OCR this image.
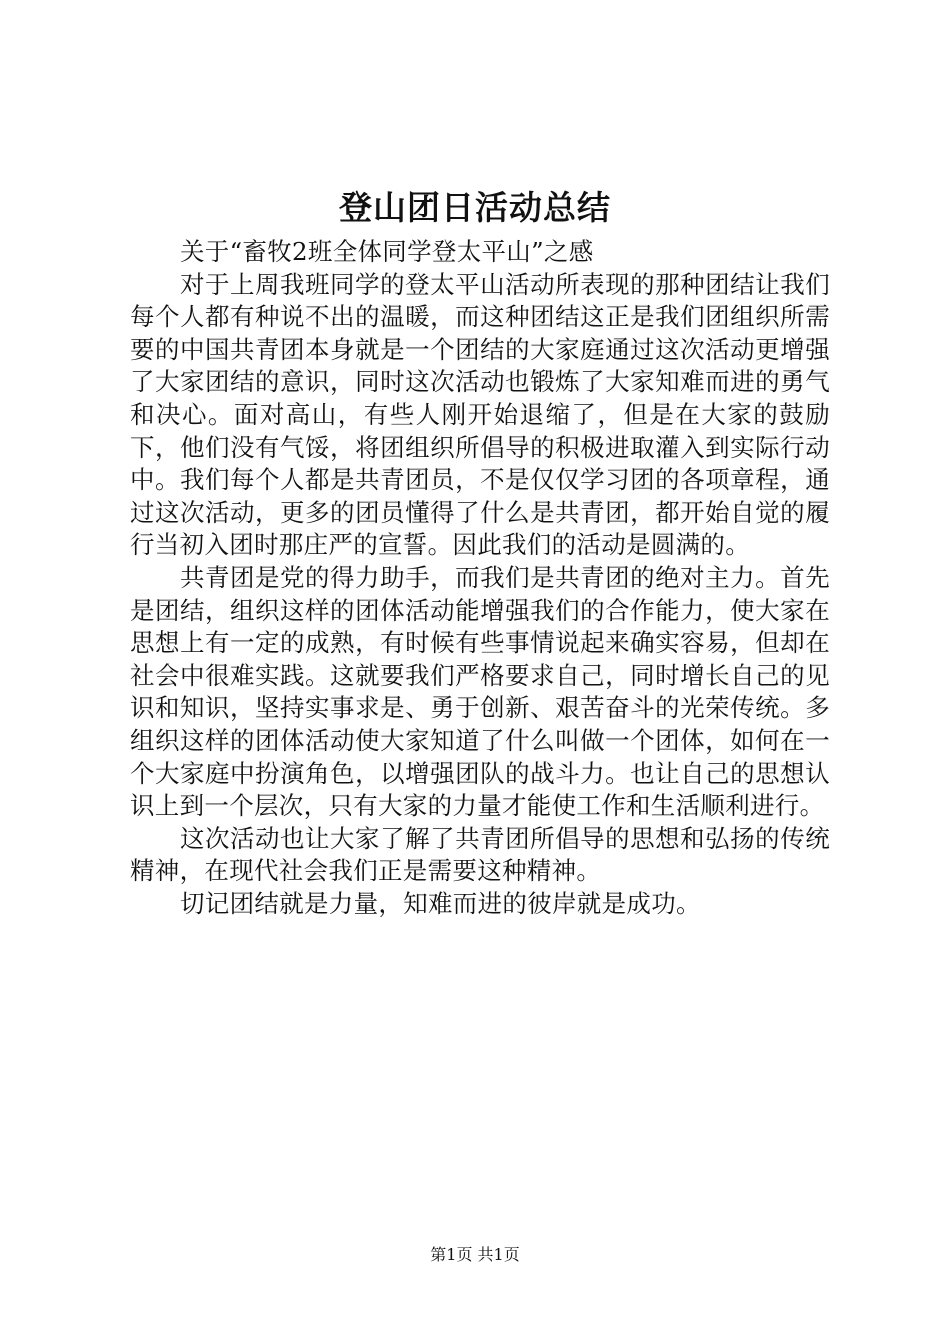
登山团日活动总结

关于“畜牧2班全体同学登太平山”之感

对于上周我班同学的登太平山活动所表现的那种团结让我们每个人都有种说不出的温暖，而这种团结这正是我们团组织所需要的中国共青团本身就是一个团结的大家庭通过这次活动更增强了大家团结的意识，同时这次活动也锻炼了大家知难而进的勇气和决心。面对高山，有些人刚开始退缩了，但是在大家的鼓励下，他们没有气馁，将团组织所倡导的积极进取灌入到实际行动中。我们每个人都是共青团员，不是仅仅学习团的各项章程，通过这次活动，更多的团员懂得了什么是共青团，都开始自觉的履行当初入团时那庄严的宣誓。因此我们的活动是圆满的。

共青团是党的得力助手，而我们是共青团的绝对主力。首先是团结，组织这样的团体活动能增强我们的合作能力，使大家在思想上有一定的成熟，有时候有些事情说起来确实容易，但却在社会中很难实践。这就要我们严格要求自己，同时增长自己的见识和知识，坚持实事求是、勇于创新、艰苦奋斗的光荣传统。多组织这样的团体活动使大家知道了什么叫做一个团体，如何在一个大家庭中扮演角色，以增强团队的战斗力。也让自己的思想认识上到一个层次，只有大家的力量才能使工作和生活顺利进行。

这次活动也让大家了解了共青团所倡导的思想和弘扬的传统精神，在现代社会我们正是需要这种精神。

切记团结就是力量，知难而进的彼岸就是成功。

第1页 共1页
